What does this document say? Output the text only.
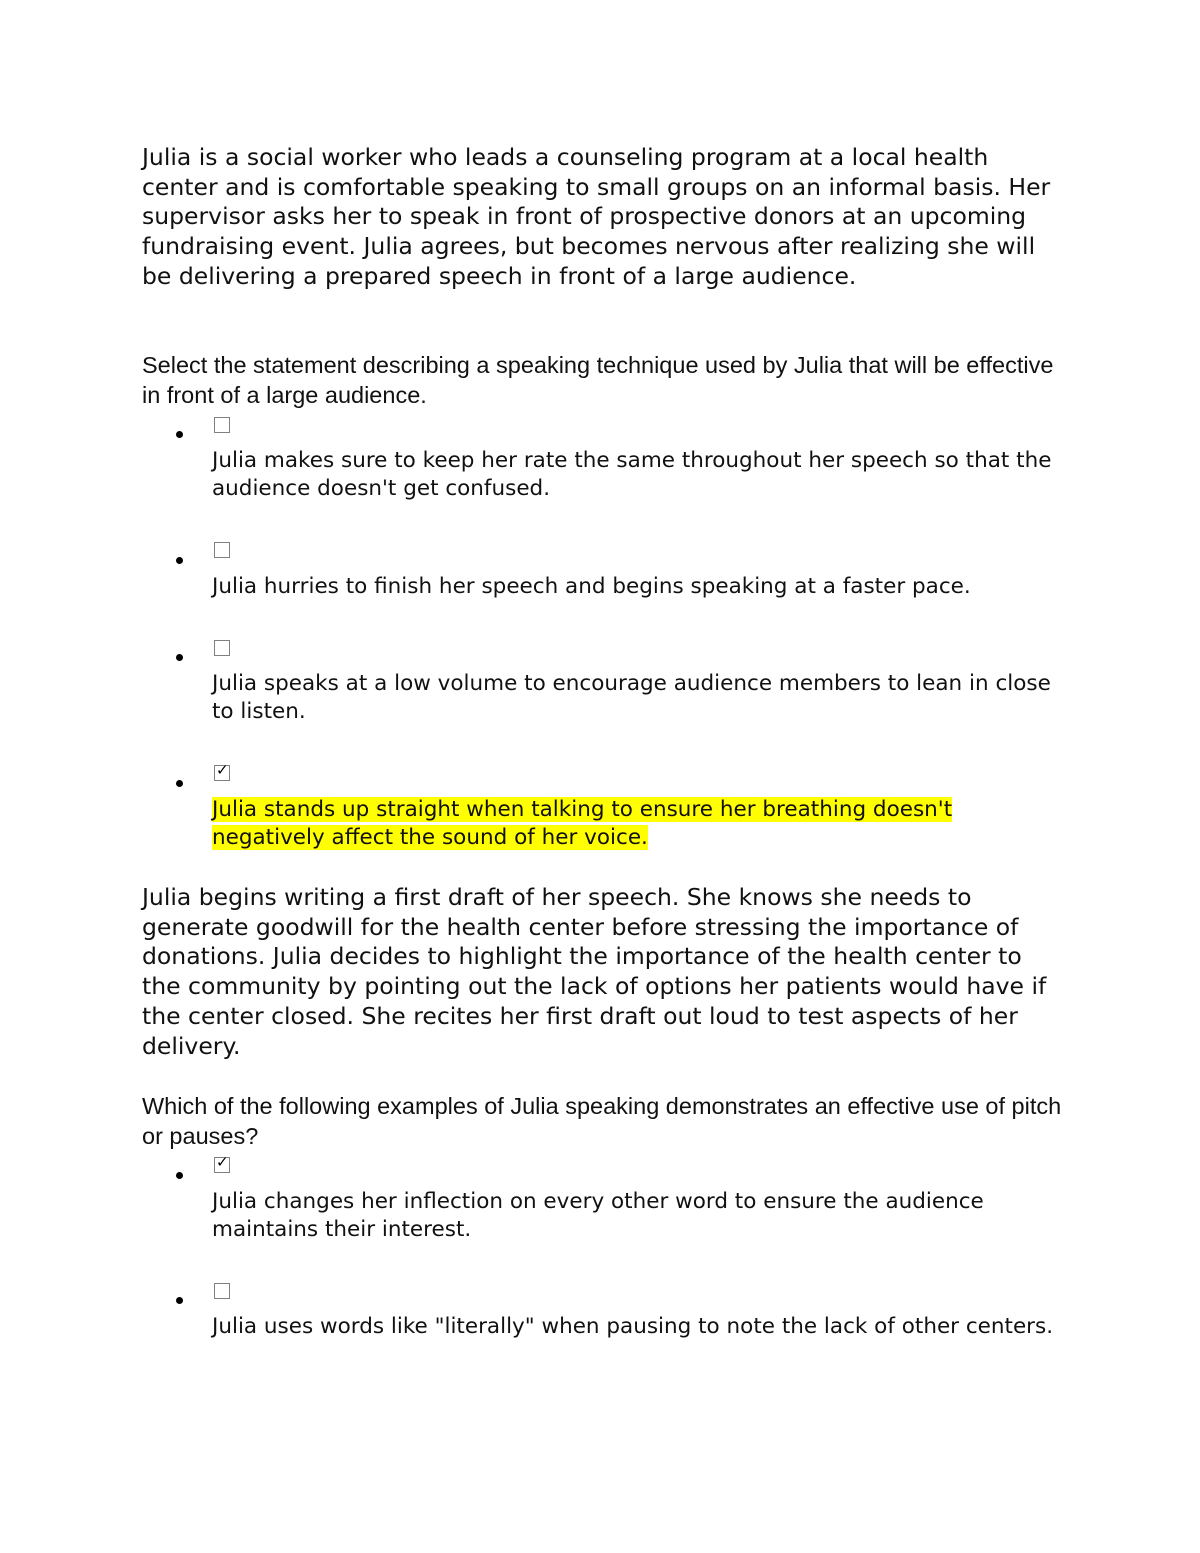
Julia is a social worker who leads a counseling program at a local health center and is comfortable speaking to small groups on an informal basis. Her supervisor asks her to speak in front of prospective donors at an upcoming fundraising event. Julia agrees, but becomes nervous after realizing she will be delivering a prepared speech in front of a large audience.

Select the statement describing a speaking technique used by Julia that will be effective in front of a large audience.

Julia makes sure to keep her rate the same throughout her speech so that the audience doesn't get confused.

Julia hurries to finish her speech and begins speaking at a faster pace.

Julia speaks at a low volume to encourage audience members to lean in close to listen.

✓

Julia stands up straight when talking to ensure her breathing doesn't negatively affect the sound of her voice.

Julia begins writing a first draft of her speech. She knows she needs to generate goodwill for the health center before stressing the importance of donations. Julia decides to highlight the importance of the health center to the community by pointing out the lack of options her patients would have if the center closed. She recites her first draft out loud to test aspects of her delivery.

Which of the following examples of Julia speaking demonstrates an effective use of pitch or pauses?

✓

Julia changes her inflection on every other word to ensure the audience maintains their interest.

Julia uses words like "literally" when pausing to note the lack of other centers.
